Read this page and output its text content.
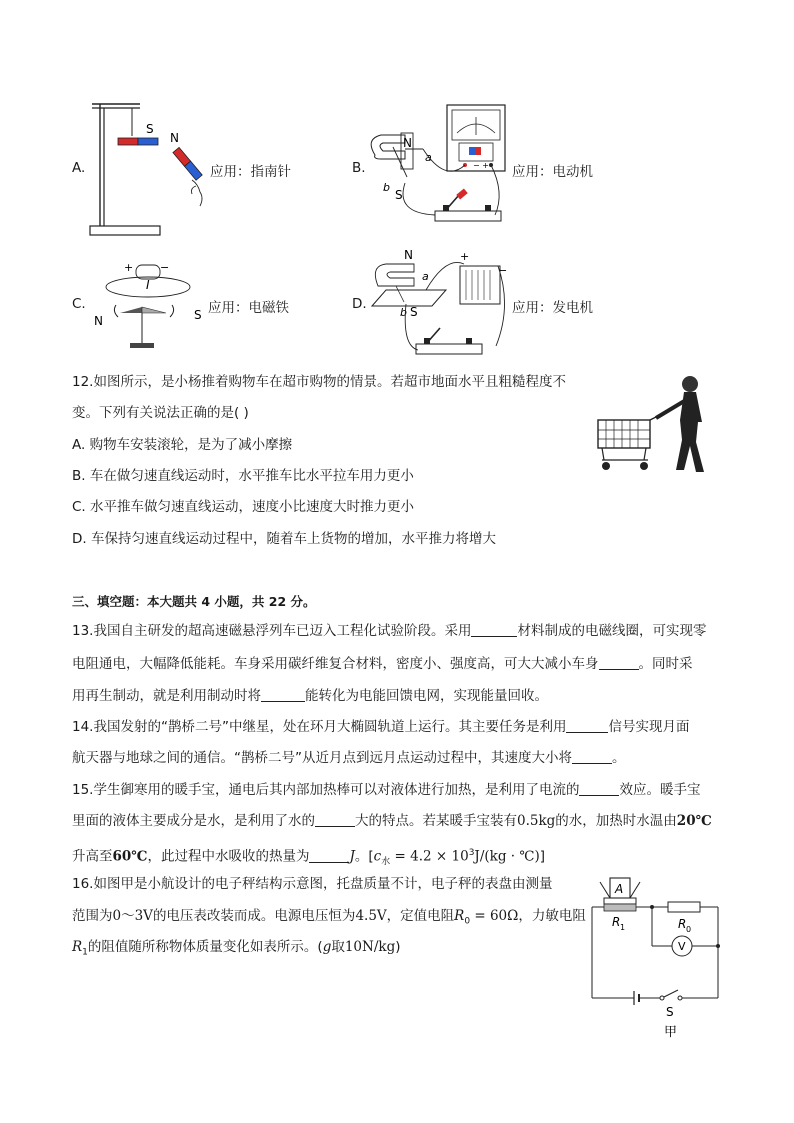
A.
S
N
应用：指南针	B.	− +
N
S
a
b
应用：电动机
C.
+ −
I
N	S 应用：电磁铁	D.
N
S
a
b
+
−
应用：发电机
12.如图所示，是小杨推着购物车在超市购物的情景。若超市地面水平且粗糙程度不
变。下列有关说法正确的是( )
A. 购物车安装滚轮，是为了减小摩擦
B. 车在做匀速直线运动时，水平推车比水平拉车用力更小
C. 水平推车做匀速直线运动，速度小比速度大时推力更小
D. 车保持匀速直线运动过程中，随着车上货物的增加，水平推力将增大
三、填空题：本大题共 4 小题，共 22 分。
13.我国自主研发的超高速磁悬浮列车已迈入工程化试验阶段。采用	材料制成的电磁线圈，可实现零
电阻通电，大幅降低能耗。车身采用碳纤维复合材料，密度小、强度高，可大大减小车身	。同时采
用再生制动，就是利用制动时将	能转化为电能回馈电网，实现能量回收。
14.我国发射的“鹊桥二号”中继星，处在环月大椭圆轨道上运行。其主要任务是利用	信号实现月面
航天器与地球之间的通信。“鹊桥二号”从近月点到远月点运动过程中，其速度大小将	。
15.学生御寒用的暖手宝，通电后其内部加热棒可以对液体进行加热，是利用了电流的	效应。暖手宝
里面的液体主要成分是水，是利用了水的	大的特点。若某暖手宝装有0.5kg的水，加热时水温由20℃
升高至60℃，此过程中水吸收的热量为	J。[$c_水 = 4.2 \times 10^3J/(kg$ · ℃)]
16.如图甲是小航设计的电子秤结构示意图，托盘质量不计，电子秤的表盘由测量
范围为0～3V的电压表改装而成。电源电压恒为4.5V，定值电阻$R_0 = 60\Omega$，力敏电阻
$R_1$的阻值随所称物体质量变化如表所示。(g取10N/kg)
A
R 1	R 0
V
S
甲
